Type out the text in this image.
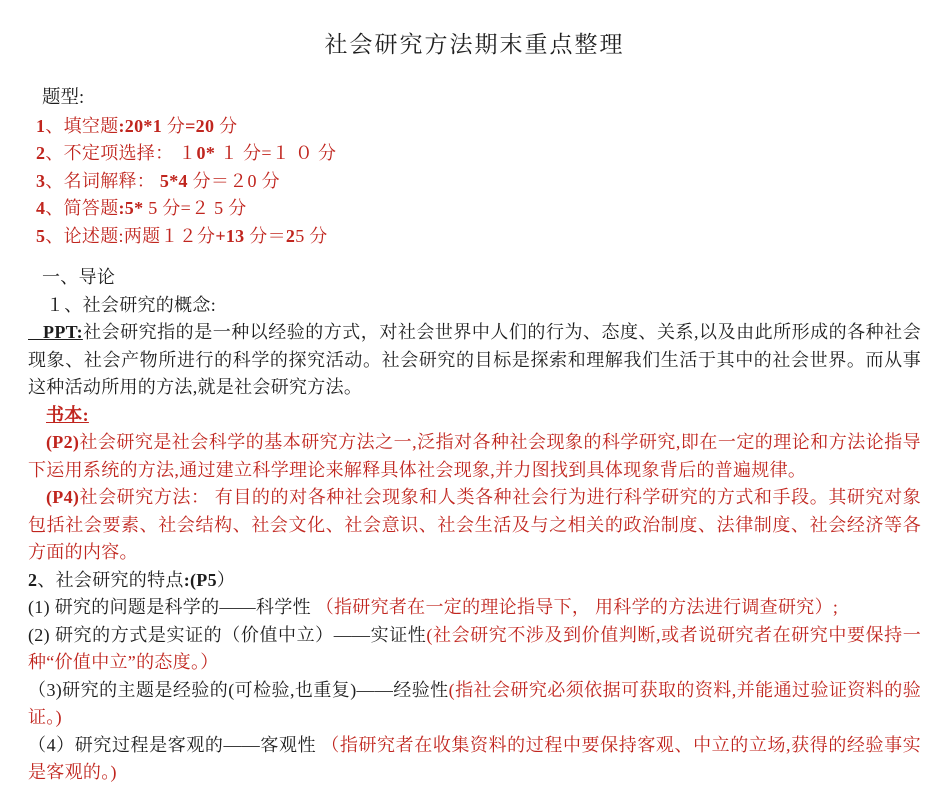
社会研究方法期末重点整理
题型:
1、填空题:20*1 分=20 分
2、不定项选择： １0* １ 分=１ ０ 分
3、名词解释： 5*4 分＝２0 分
4、简答题:5* 5 分=２ 5 分
5、论述题:两题１２分+13 分＝25 分
一、导论
１、社会研究的概念:

PPT:社会研究指的是一种以经验的方式，对社会世界中人们的行为、态度、关系,以及由此所形成的各种社会现象、社会产物所进行的科学的探究活动。社会研究的目标是探索和理解我们生活于其中的社会世界。而从事这种活动所用的方法,就是社会研究方法。

书本:

(P2)社会研究是社会科学的基本研究方法之一,泛指对各种社会现象的科学研究,即在一定的理论和方法论指导下运用系统的方法,通过建立科学理论来解释具体社会现象,并力图找到具体现象背后的普遍规律。

(P4)社会研究方法： 有目的的对各种社会现象和人类各种社会行为进行科学研究的方式和手段。其研究对象包括社会要素、社会结构、社会文化、社会意识、社会生活及与之相关的政治制度、法律制度、社会经济等各方面的内容。

2、社会研究的特点:(P5）

(1) 研究的问题是科学的——科学性 （指研究者在一定的理论指导下， 用科学的方法进行调查研究）;

(2) 研究的方式是实证的（价值中立）——实证性(社会研究不涉及到价值判断,或者说研究者在研究中要保持一种“价值中立”的态度。）

（3)研究的主题是经验的(可检验,也重复)——经验性(指社会研究必须依据可获取的资料,并能通过验证资料的验证。)

（4）研究过程是客观的——客观性 （指研究者在收集资料的过程中要保持客观、中立的立场,获得的经验事实是客观的。)
